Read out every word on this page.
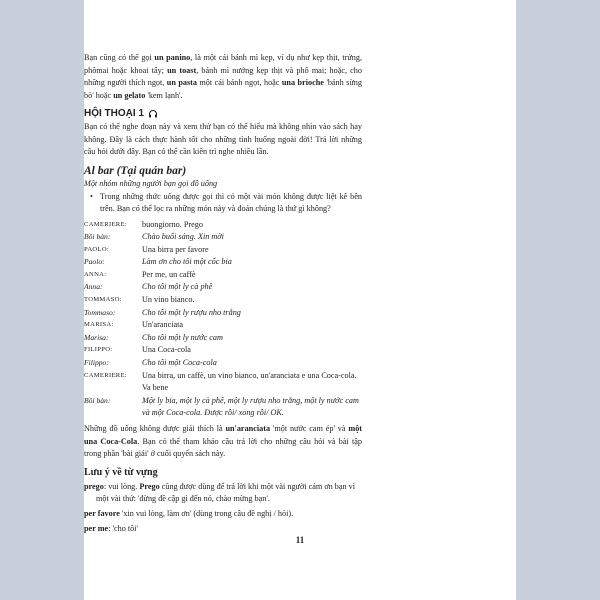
Bạn cũng có thể gọi un panino, là một cái bánh mì kẹp, ví dụ như kẹp thịt, trứng, phômai hoặc khoai tây; un toast, bánh mì nướng kẹp thịt và phô mai; hoặc, cho những người thích ngọt, un pasta một cái bánh ngọt, hoặc una brioche 'bánh sừng bò' hoặc un gelato 'kem lạnh'.

HỘI THOẠI 1

Bạn có thể nghe đoạn này và xem thử bạn có thể hiểu mà không nhìn vào sách hay không. Đây là cách thực hành tốt cho những tình huống ngoài đời! Trả lời những câu hỏi dưới đây. Bạn có thể cần kiên trì nghe nhiều lần.

Al bar (Tại quán bar)
Một nhóm những người bạn gọi đồ uống
• Trong những thức uống được gọi thì có một vài món không được liệt kê bên trên. Bạn có thể lọc ra những món này và đoán chúng là thứ gì không?
CAMERIERE:	buongiorno. Prego
Bồi bàn:	Chào buổi sáng. Xin mời
PAOLO:	Una birra per favore
Paolo:	Làm ơn cho tôi một cốc bia
ANNA:	Per me, un caffè
Anna:	Cho tôi một ly cà phê
TOMMASO:	Un vino bianco.
Tommaso:	Cho tôi một ly rượu nho trắng
MARISA:	Un'aranciata
Marisa:	Cho tôi một ly nước cam
FILIPPO:	Una Coca-cola
Filippo:	Cho tôi một Coca-cola
CAMERIERE:	Una birra, un caffè, un vino bianco, un'aranciata e una Coca-cola. Va bene
Bồi bàn:	Một ly bia, một ly cà phê, một ly rượu nho trắng, một ly nước cam và một Coca-cola. Được rồi/ xong rồi/ OK.

Những đồ uống không được giải thích là un'aranciata 'một nước cam ép' và một una Coca-Cola. Bạn có thể tham khảo câu trả lời cho những câu hỏi và bài tập trong phần 'bài giải' ở cuối quyển sách này.

Lưu ý về từ vựng

prego: vui lòng. Prego cũng được dùng để trả lời khi một vài người cảm ơn bạn vì một vài thứ: 'đừng đề cập gì đến nó, chào mừng bạn'.

per favore 'xin vui lòng, làm ơn' (dùng trong câu đề nghị / hỏi).

per me: 'cho tôi'

11
